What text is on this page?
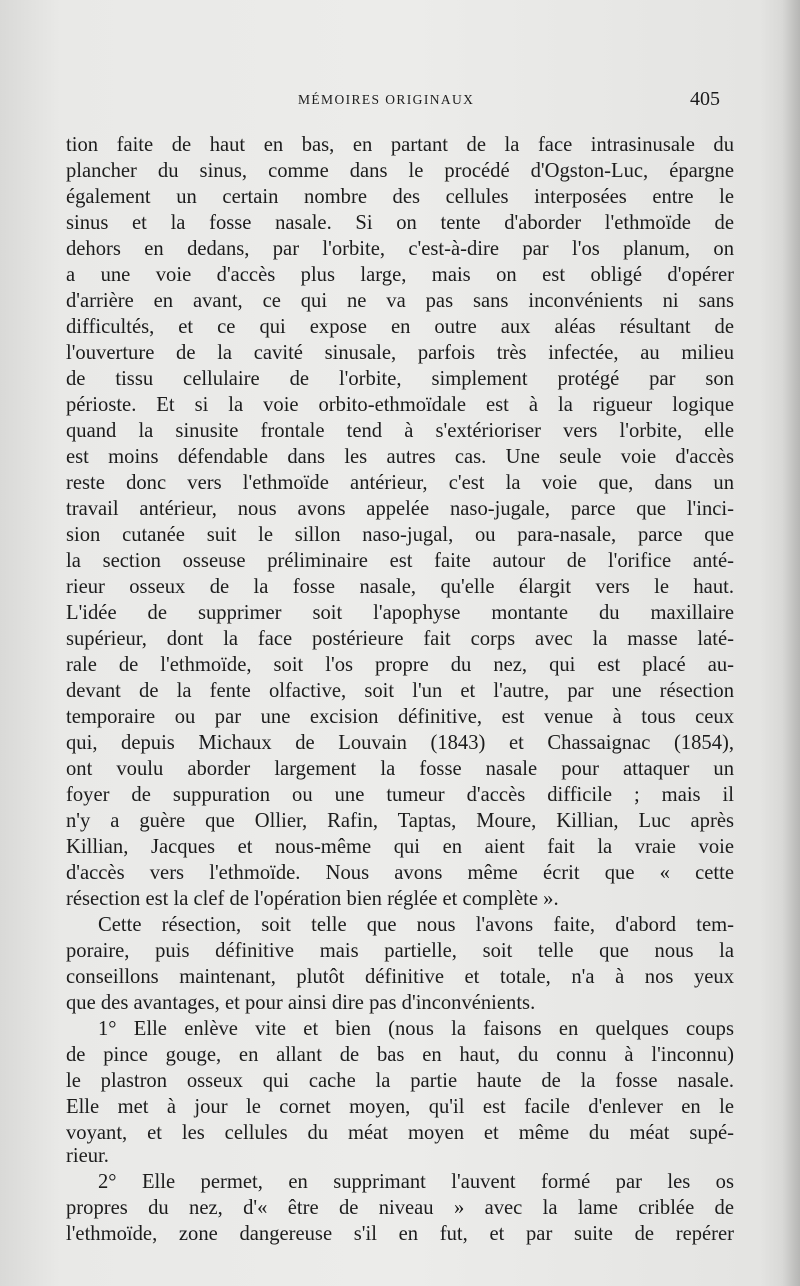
MÉMOIRES ORIGINAUX	405
tion faite de haut en bas, en partant de la face intrasinusale du
plancher du sinus, comme dans le procédé d'Ogston-Luc, épargne
également un certain nombre des cellules interposées entre le
sinus et la fosse nasale. Si on tente d'aborder l'ethmoïde de
dehors en dedans, par l'orbite, c'est-à-dire par l'os planum, on
a une voie d'accès plus large, mais on est obligé d'opérer
d'arrière en avant, ce qui ne va pas sans inconvénients ni sans
difficultés, et ce qui expose en outre aux aléas résultant de
l'ouverture de la cavité sinusale, parfois très infectée, au milieu
de tissu cellulaire de l'orbite, simplement protégé par son
périoste. Et si la voie orbito-ethmoïdale est à la rigueur logique
quand la sinusite frontale tend à s'extérioriser vers l'orbite, elle
est moins défendable dans les autres cas. Une seule voie d'accès
reste donc vers l'ethmoïde antérieur, c'est la voie que, dans un
travail antérieur, nous avons appelée naso-jugale, parce que l'inci-
sion cutanée suit le sillon naso-jugal, ou para-nasale, parce que
la section osseuse préliminaire est faite autour de l'orifice anté-
rieur osseux de la fosse nasale, qu'elle élargit vers le haut.
L'idée de supprimer soit l'apophyse montante du maxillaire
supérieur, dont la face postérieure fait corps avec la masse laté-
rale de l'ethmoïde, soit l'os propre du nez, qui est placé au-
devant de la fente olfactive, soit l'un et l'autre, par une résection
temporaire ou par une excision définitive, est venue à tous ceux
qui, depuis Michaux de Louvain (1843) et Chassaignac (1854),
ont voulu aborder largement la fosse nasale pour attaquer un
foyer de suppuration ou une tumeur d'accès difficile ; mais il
n'y a guère que Ollier, Rafin, Taptas, Moure, Killian, Luc après
Killian, Jacques et nous-même qui en aient fait la vraie voie
d'accès vers l'ethmoïde. Nous avons même écrit que « cette
résection est la clef de l'opération bien réglée et complète ».
Cette résection, soit telle que nous l'avons faite, d'abord tem-
poraire, puis définitive mais partielle, soit telle que nous la
conseillons maintenant, plutôt définitive et totale, n'a à nos yeux
que des avantages, et pour ainsi dire pas d'inconvénients.
1° Elle enlève vite et bien (nous la faisons en quelques coups
de pince gouge, en allant de bas en haut, du connu à l'inconnu)
le plastron osseux qui cache la partie haute de la fosse nasale.
Elle met à jour le cornet moyen, qu'il est facile d'enlever en le
voyant, et les cellules du méat moyen et même du méat supé-
rieur.
2° Elle permet, en supprimant l'auvent formé par les os
propres du nez, d'« être de niveau » avec la lame criblée de
l'ethmoïde, zone dangereuse s'il en fut, et par suite de repérer
